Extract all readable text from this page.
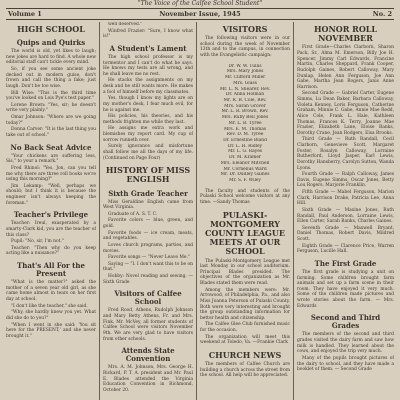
"The Voice of the Calfee School Student"
Volume 1	November Issue, 1945	No. 2
HIGH SCHOOL
Quips and Quirks

The world is old, yet likes to laugh; new jokes are hard to find. A whole new editorial staff can't tickle every mind.

So, if you see some ancient joke decked out in modern guise, don't frown and call the thing a fake; just laugh. Don't be too wise.

Bill Wise: "This is the third time you've looked on Lois Pye's test paper."

Lorene Brown: "Yes, sir; he doesn't write very plainly."

Omar Johnson: "Where are we going today?"

Donna Carver: "It is the last thing you take out of school."

No Back Seat Advice

"Your chickens are suffering less, Sis," to your a remark."

Fred Rhinol: "Yes, Jon, can you tell me why there are three roll books we're using this morning?"

Jim Lekamp: "Well, perhaps we should; but I think it is because the engineer isn't always keeping the foreman."

Teacher's Privilege

Teacher: Ireul, exasperated by a smarty-Clark kid, you are the teacher of this class?

Pupil: "No, sir, I'm not."

Teacher: "Then why do you keep acting like a nuisance?"

That's All For the Present

"What is the matter?" asked the mother of a seven year old girl, as she came home almost in tears on her first day at school.

"I don't like the teacher," she said.

"Why, she hardly knew you yet. What did she do to you?"

"When I went in she said: 'You sit here for the PRESENT,' and she never brought it."

well deserved."

Winfred Frazier: "Sure, I know what is!"

A Student's Lament

The high school professor is my tormentor and I can't do what he says. He knows my tests are all wrong, and he shall leave me no rest.

He stacks the assignments on my desk and he still wants more. He makes a fool of himself before my classmates.

Yes, though I know my lights are on my mother's desk, I fear much evil, for he is against me.

His policies, his theories, and his methods frighten me while they last.

He assigns me extra work and blemishes my report card. My cup of sorrow runneth over.

Surely ignorance and misfortune shall follow me all the days of my life. (Continued on Page Four)

HISTORY OF MISS ENGLISH
Sixth Grade Teacher

Miss Geraldine English came from West Virginia.

Graduate of A. S. T. C.

Favorite colors — blue, green, and gold.

Favorite foods — ice cream, meats, and vegetables.

Loves church programs, parties, and movies.

Favorite songs — "Never Leave Me."

Saying — "I. I don't want this to be on that."

Hobby: Novel reading and sewing. — Sixth Grade

Visitors of Calfee School

Fred Rood, Athens, Rudolph Johnson and Mary Betty Athens, Fr. and Mrs. Fink, Mr. McVey, all former students of Calfee School were visitors November 9th. We are very glad to have visitors from other schools.

Attends State Convention

Mrs. A. M. Johnson, Mrs. George H. Rickard, P. T. A. president and Mr. Paul E. Blades attended the Virginia Education Convention in Richmond, October 20.

VISITORS

The following visitors were in our school during the week of November 13th and to the campus, in connection with the Evangelistic campaign:

Dr. W. W. Tullis
Mrs. Mary Jones
Mr. Clifford Miller
Mrs. Glass
Mr. L. N. Shearer, Rev.
Dr. Anna Holman
Mr. R. B. Cole, Rev.
Mrs. Sarah Grover
Mr. L. R. Brown, Rev.
Mrs. Ruby Bell Jones
Mr. L. B. Tyree
Mrs. E. M. Thomas
Rev. D. M. Tyree
Dr. Ernestine Bland
Dr. L. H. Ridley
Mr. L. G. Rayes
Dr. M. Kramer
Mrs. Eleanor Mitchell
Mr. Cornelius Ward
Mr. Dr. Dudley Gaines
Mr. S. F. Wiley

The faculty and students of the Pulaski School welcome visitors at any time. —Sandy Thomas

PULASKI-MONTGOMERY COUNTY LEAGUE MEETS AT OUR SCHOOL

The Pulaski-Montgomery League met last Monday in our school auditorium. Principal Blades presided. The objectives of the organization as Mr. Blades stated them were read.

Among the members were: Mr. Arrowood, of Philadelphia, Pa., and also Miss Joanna Peterson of Pulaski County. Both were very interesting and brought the group outstanding information for better health and citizenship.

The Calfee Glee Club furnished music for the occasion.

The organization will meet this weekend at Toledo, Va. —Frankie Clark

CHURCH NEWS

The members of Calfee Church are building a church across the street from the school. All help will be appreciated.

HONOR ROLL NOVEMBER

First Grade—Charles Clarborn, Sharon Pack, Sr., Alma M. Emerson, Billy Joe H. Spencer, Jimmy Carl Edwards, Francine Martin, Charles Sheppard, Frank Cooper, Rudolph Gaines, Robert Calloway, Mary Dunlap, Helen Ann Ferguson, Joe Ann Gabe, Martha Jean Rogers, Janis Anne Harrison.

Second Grade — Gabriel Carter, Eugene Simms, Lu Dean Baker, Barbara Calloway, Violeta Kenney, Loris Ferguson, Catherine Graham, Minnie C. Gabe, Annie Mae Redd, Alice Cole, Frank L. Hale, Kathleen Thomas, Frances K. Terry, Joanne Mae Frazier, Elizabeth Lane, Eloise Banks, Dorothy Crane, Jean Rodgers, Elsa Brooks.

Third Grade — Ruth Randall, Cecil Clarborn, Genevieve Scott, Margaret Foster, Rosalyn Calloway, Lorraine Rutherford, Lloyd Jasper, Earl Lewis, Dorothy Hansberry, Carolyn Sutton, Wanda Lyons.

Fourth Grade — Ralph Calloway, James Davis, Eugene Simms, Oscar Jones, Betty Lou Rogers, Marjorie Franklin.

Fifth Grade — Mabel Ferguson, Marion Clark, Harrison Drake, Patricia Lee, Anna Hill.

Sixth Grade — Maxine Jones, Ruth Randall, Paul Anderson, Lorraine Lewis, Ellen Carter, Sarah Banks, Charles Gaines.

Seventh Grade — Maxwell Bryant, Daniel Thomas, Robert Davis, Mildred Scott.

Eighth Grade — Clarence Price, Warren Ferguson, Lucille Hall.

The First Grade

The first grade is studying a unit on farming. Some children brought farm animals and set up a farm scene in their room. They have enjoyed it very much. Some of the children made pictures and wrote stories about the farm. — Mrs. Edwards

Second and Third Grades

The members of the second and third grades visited the dairy farm and saw how milk is handled. They learned about the cows, and enjoyed the trip very much.

Many of the pupils brought pictures of the dairy to school, and they have made a booklet of them. — Second Grade
